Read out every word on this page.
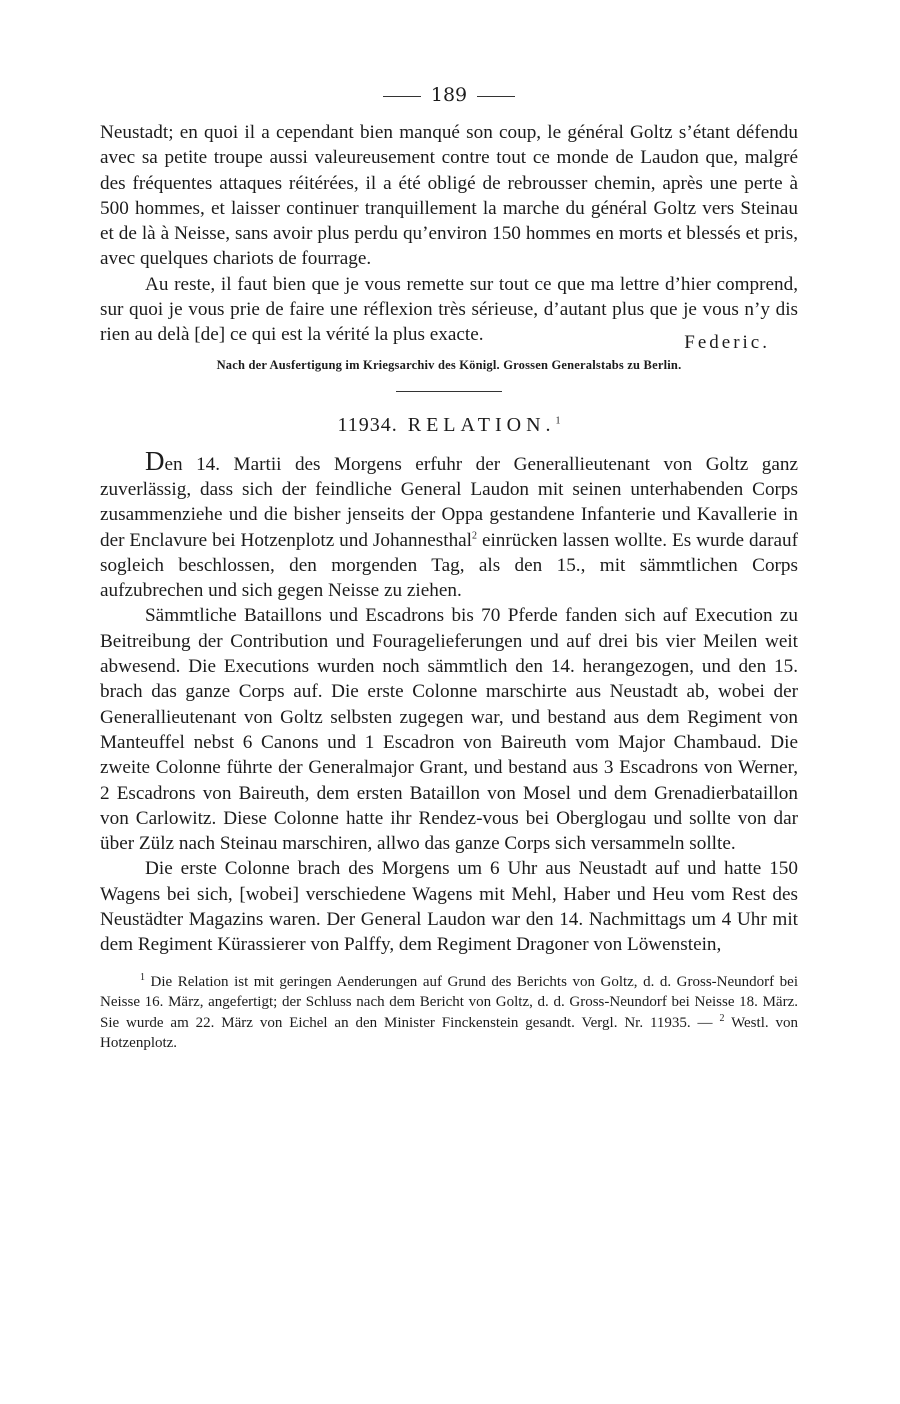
189

Neustadt; en quoi il a cependant bien manqué son coup, le général Goltz s’étant défendu avec sa petite troupe aussi valeureusement contre tout ce monde de Laudon que, malgré des fréquentes attaques réitérées, il a été obligé de rebrousser chemin, après une perte à 500 hommes, et laisser continuer tranquillement la marche du général Goltz vers Steinau et de là à Neisse, sans avoir plus perdu qu’environ 150 hommes en morts et blessés et pris, avec quelques chariots de fourrage.

Au reste, il faut bien que je vous remette sur tout ce que ma lettre d’hier comprend, sur quoi je vous prie de faire une réflexion très sérieuse, d’autant plus que je vous n’y dis rien au delà [de] ce qui est la vérité la plus exacte.	Federic.
Nach der Ausfertigung im Kriegsarchiv des Königl. Grossen Generalstabs zu Berlin.
11934. RELATION.$^1$

Den 14. Martii des Morgens erfuhr der Generallieutenant von Goltz ganz zuverlässig, dass sich der feindliche General Laudon mit seinen unterhabenden Corps zusammenziehe und die bisher jenseits der Oppa gestandene Infanterie und Kavallerie in der Enclavure bei Hotzenplotz und Johannesthal$^2$ einrücken lassen wollte. Es wurde darauf sogleich beschlossen, den morgenden Tag, als den 15., mit sämmtlichen Corps aufzubrechen und sich gegen Neisse zu ziehen.

Sämmtliche Bataillons und Escadrons bis 70 Pferde fanden sich auf Execution zu Beitreibung der Contribution und Fouragelieferungen und auf drei bis vier Meilen weit abwesend. Die Executions wurden noch sämmtlich den 14. herangezogen, und den 15. brach das ganze Corps auf. Die erste Colonne marschirte aus Neustadt ab, wobei der Generallieutenant von Goltz selbsten zugegen war, und bestand aus dem Regiment von Manteuffel nebst 6 Canons und 1 Escadron von Baireuth vom Major Chambaud. Die zweite Colonne führte der Generalmajor Grant, und bestand aus 3 Escadrons von Werner, 2 Escadrons von Baireuth, dem ersten Bataillon von Mosel und dem Grenadierbataillon von Carlowitz. Diese Colonne hatte ihr Rendez-vous bei Oberglogau und sollte von dar über Zülz nach Steinau marschiren, allwo das ganze Corps sich versammeln sollte.

Die erste Colonne brach des Morgens um 6 Uhr aus Neustadt auf und hatte 150 Wagens bei sich, [wobei] verschiedene Wagens mit Mehl, Haber und Heu vom Rest des Neustädter Magazins waren. Der General Laudon war den 14. Nachmittags um 4 Uhr mit dem Regiment Kürassierer von Palffy, dem Regiment Dragoner von Löwenstein,

$^1$ Die Relation ist mit geringen Aenderungen auf Grund des Berichts von Goltz, d. d. Gross-Neundorf bei Neisse 16. März, angefertigt; der Schluss nach dem Bericht von Goltz, d. d. Gross-Neundorf bei Neisse 18. März. Sie wurde am 22. März von Eichel an den Minister Finckenstein gesandt. Vergl. Nr. 11935. — $^2$ Westl. von Hotzenplotz.
